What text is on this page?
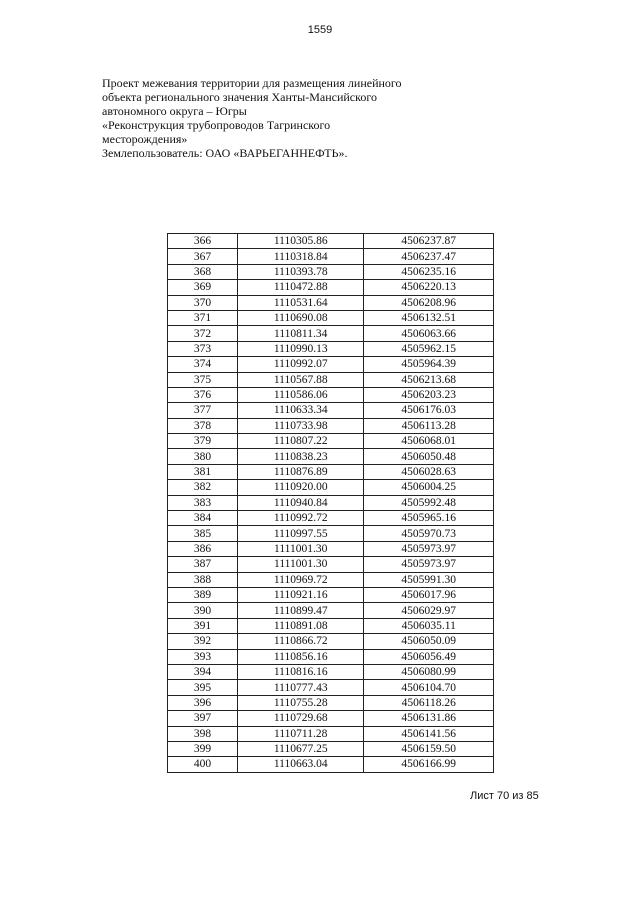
1559
Проект межевания территории для размещения линейного
объекта регионального значения Ханты-Мансийского
автономного округа – Югры
«Реконструкция трубопроводов Тагринского
месторождения»
Землепользователь: ОАО «ВАРЬЕГАННЕФТЬ».
366	1110305.86	4506237.87
367	1110318.84	4506237.47
368	1110393.78	4506235.16
369	1110472.88	4506220.13
370	1110531.64	4506208.96
371	1110690.08	4506132.51
372	1110811.34	4506063.66
373	1110990.13	4505962.15
374	1110992.07	4505964.39
375	1110567.88	4506213.68
376	1110586.06	4506203.23
377	1110633.34	4506176.03
378	1110733.98	4506113.28
379	1110807.22	4506068.01
380	1110838.23	4506050.48
381	1110876.89	4506028.63
382	1110920.00	4506004.25
383	1110940.84	4505992.48
384	1110992.72	4505965.16
385	1110997.55	4505970.73
386	1111001.30	4505973.97
387	1111001.30	4505973.97
388	1110969.72	4505991.30
389	1110921.16	4506017.96
390	1110899.47	4506029.97
391	1110891.08	4506035.11
392	1110866.72	4506050.09
393	1110856.16	4506056.49
394	1110816.16	4506080.99
395	1110777.43	4506104.70
396	1110755.28	4506118.26
397	1110729.68	4506131.86
398	1110711.28	4506141.56
399	1110677.25	4506159.50
400	1110663.04	4506166.99
Лист 70 из 85
